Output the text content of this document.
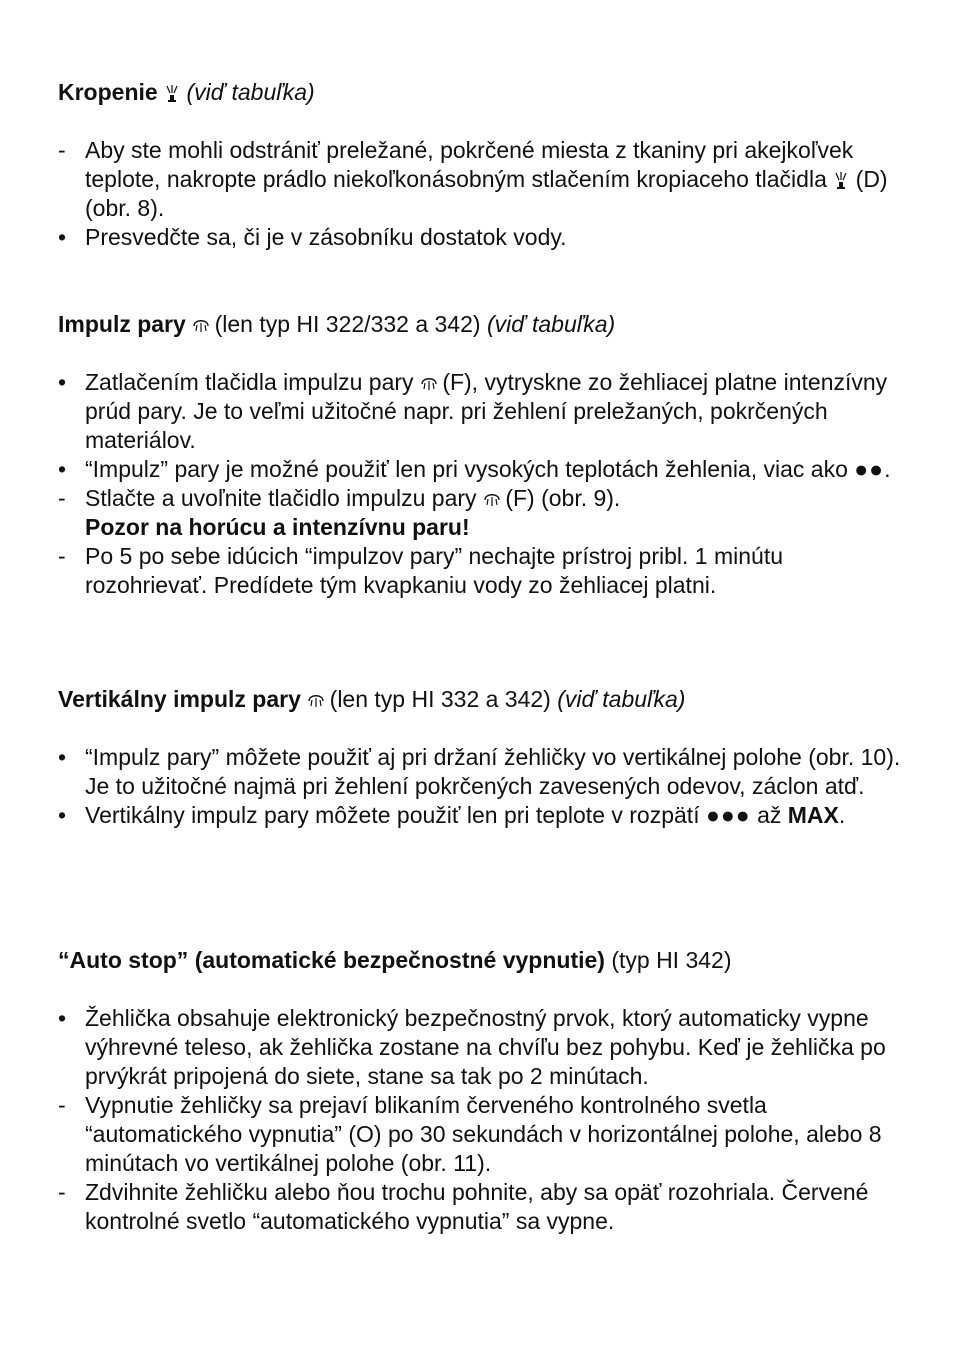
Kropenie (viď tabuľka)

- Aby ste mohli odstrániť preležané, pokrčené miesta z tkaniny pri akejkoľvek teplote, nakropte prádlo niekoľkonásobným stlačením kropiaceho tlačidla (D) (obr. 8).
• Presvedčte sa, či je v zásobníku dostatok vody.

Impulz pary (len typ HI 322/332 a 342) (viď tabuľka)

• Zatlačením tlačidla impulzu pary (F), vytryskne zo žehliacej platne intenzívny prúd pary. Je to veľmi užitočné napr. pri žehlení preležaných, pokrčených materiálov.
• “Impulz” pary je možné použiť len pri vysokých teplotách žehlenia, viac ako ●●.
- Stlačte a uvoľnite tlačidlo impulzu pary (F) (obr. 9).
Pozor na horúcu a intenzívnu paru!
- Po 5 po sebe idúcich “impulzov pary” nechajte prístroj pribl. 1 minútu rozohrievať. Predídete tým kvapkaniu vody zo žehliacej platni.

Vertikálny impulz pary (len typ HI 332 a 342) (viď tabuľka)

• “Impulz pary” môžete použiť aj pri držaní žehličky vo vertikálnej polohe (obr. 10). Je to užitočné najmä pri žehlení pokrčených zavesených odevov, záclon atď.
• Vertikálny impulz pary môžete použiť len pri teplote v rozpätí ●●● až MAX.

“Auto stop” (automatické bezpečnostné vypnutie) (typ HI 342)

• Žehlička obsahuje elektronický bezpečnostný prvok, ktorý automaticky vypne výhrevné teleso, ak žehlička zostane na chvíľu bez pohybu. Keď je žehlička po prvýkrát pripojená do siete, stane sa tak po 2 minútach.
- Vypnutie žehličky sa prejaví blikaním červeného kontrolného svetla “automatického vypnutia” (O) po 30 sekundách v horizontálnej polohe, alebo 8 minútach vo vertikálnej polohe (obr. 11).
- Zdvihnite žehličku alebo ňou trochu pohnite, aby sa opäť rozohriala. Červené kontrolné svetlo “automatického vypnutia” sa vypne.
